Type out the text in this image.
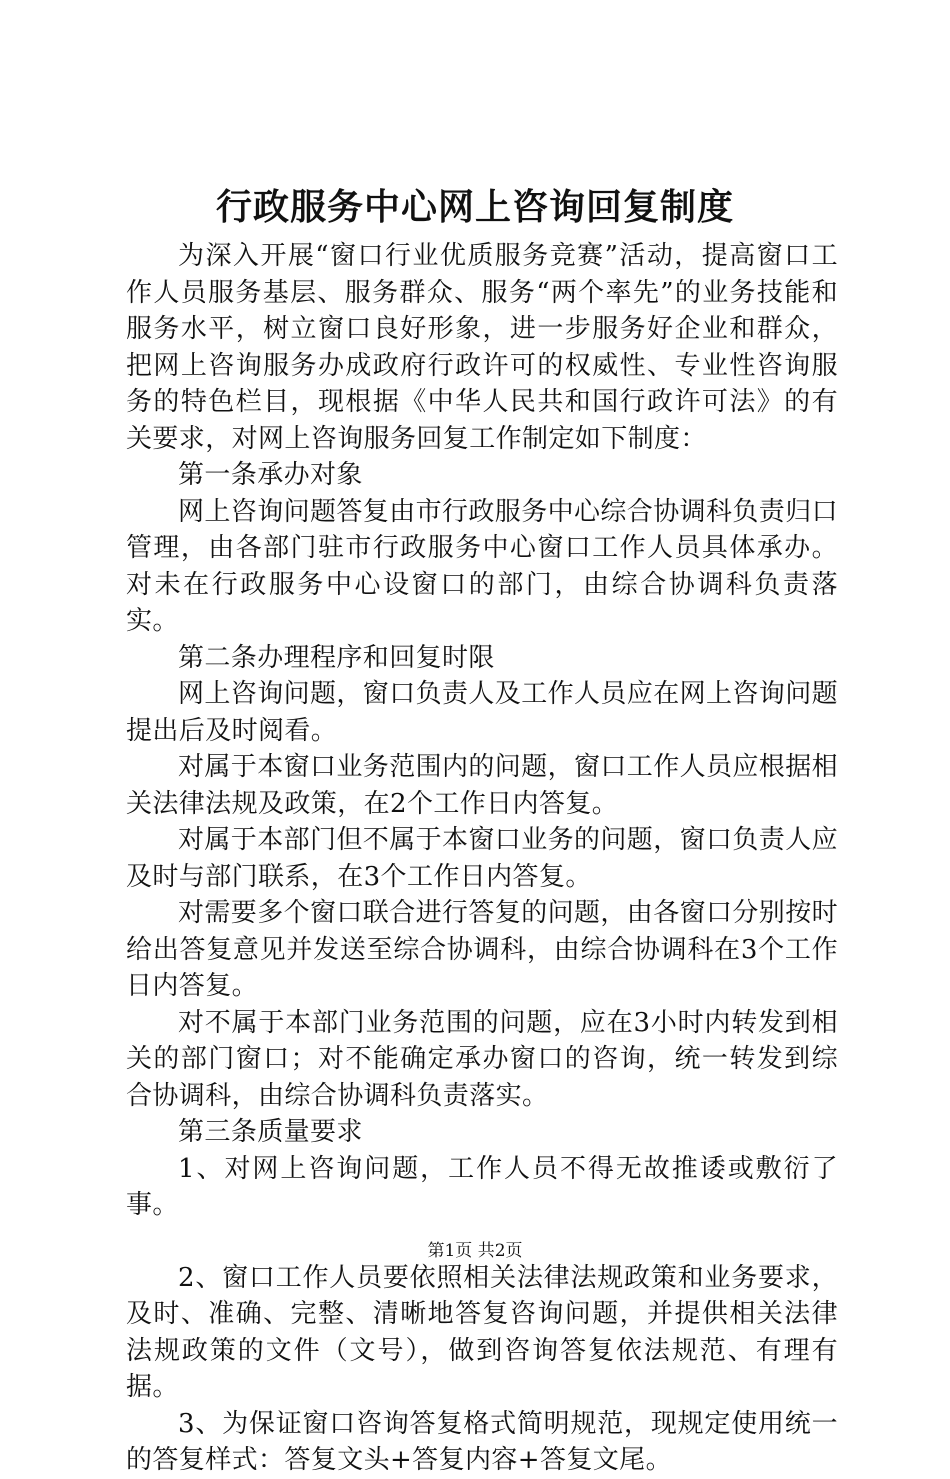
行政服务中心网上咨询回复制度

为深入开展“窗口行业优质服务竞赛”活动，提高窗口工作人员服务基层、服务群众、服务“两个率先”的业务技能和服务水平，树立窗口良好形象，进一步服务好企业和群众，把网上咨询服务办成政府行政许可的权威性、专业性咨询服务的特色栏目，现根据《中华人民共和国行政许可法》的有关要求，对网上咨询服务回复工作制定如下制度：

第一条承办对象

网上咨询问题答复由市行政服务中心综合协调科负责归口管理，由各部门驻市行政服务中心窗口工作人员具体承办。对未在行政服务中心设窗口的部门，由综合协调科负责落实。

第二条办理程序和回复时限

网上咨询问题，窗口负责人及工作人员应在网上咨询问题提出后及时阅看。

对属于本窗口业务范围内的问题，窗口工作人员应根据相关法律法规及政策，在2个工作日内答复。

对属于本部门但不属于本窗口业务的问题，窗口负责人应及时与部门联系，在3个工作日内答复。

对需要多个窗口联合进行答复的问题，由各窗口分别按时给出答复意见并发送至综合协调科，由综合协调科在3个工作日内答复。

对不属于本部门业务范围的问题，应在3小时内转发到相关的部门窗口；对不能确定承办窗口的咨询，统一转发到综合协调科，由综合协调科负责落实。

第三条质量要求

1、对网上咨询问题，工作人员不得无故推诿或敷衍了事。

2、窗口工作人员要依照相关法律法规政策和业务要求，及时、准确、完整、清晰地答复咨询问题，并提供相关法律法规政策的文件（文号），做到咨询答复依法规范、有理有据。

3、为保证窗口咨询答复格式简明规范，现规定使用统一的答复样式：答复文头+答复内容+答复文尾。

第1页 共2页
